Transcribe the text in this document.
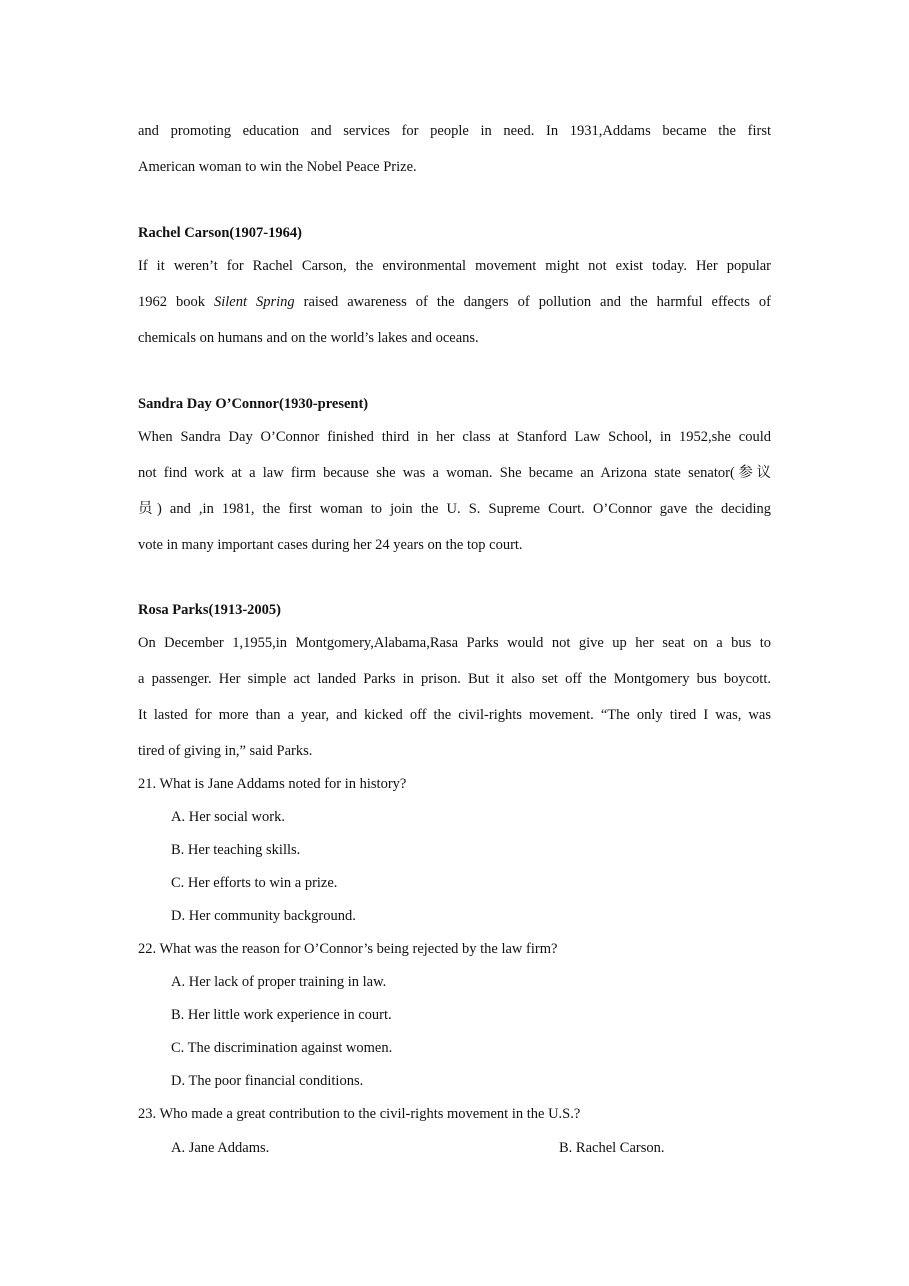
and promoting education and services for people in need. In 1931,Addams became the first
American woman to win the Nobel Peace Prize.
Rachel Carson(1907-1964)
If it weren’t for Rachel Carson, the environmental movement might not exist today. Her popular
1962 book Silent Spring raised awareness of the dangers of pollution and the harmful effects of
chemicals on humans and on the world’s lakes and oceans.
Sandra Day O’Connor(1930-present)
When Sandra Day O’Connor finished third in her class at Stanford Law School, in 1952,she could
not find work at a law firm because she was a woman. She became an Arizona state senator(参议
员) and ,in 1981, the first woman to join the U. S. Supreme Court. O’Connor gave the deciding
vote in many important cases during her 24 years on the top court.
Rosa Parks(1913-2005)
On December 1,1955,in Montgomery,Alabama,Rasa Parks would not give up her seat on a bus to
a passenger. Her simple act landed Parks in prison. But it also set off the Montgomery bus boycott.
It lasted for more than a year, and kicked off the civil-rights movement. “The only tired I was, was
tired of giving in,” said Parks.
21. What is Jane Addams noted for in history?
A. Her social work.
B. Her teaching skills.
C. Her efforts to win a prize.
D. Her community background.
22. What was the reason for O’Connor’s being rejected by the law firm?
A. Her lack of proper training in law.
B. Her little work experience in court.
C. The discrimination against women.
D. The poor financial conditions.
23. Who made a great contribution to the civil-rights movement in the U.S.?
A. Jane Addams.	B. Rachel Carson.
